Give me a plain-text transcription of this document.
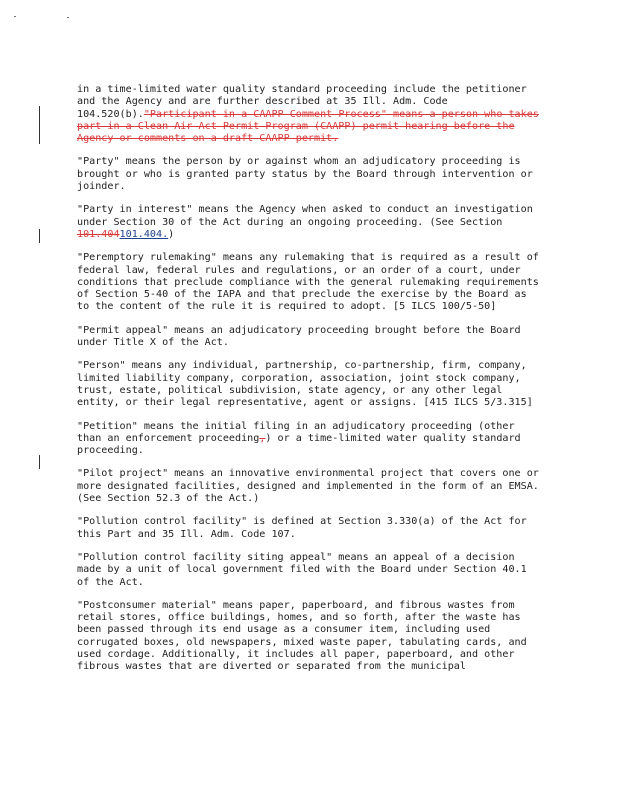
in a time-limited water quality standard proceeding include the petitioner and the Agency and are further described at 35 Ill. Adm. Code 104.520(b)."Participant in a CAAPP Comment Process" means a person who takes part in a Clean Air Act Permit Program (CAAPP) permit hearing before the Agency or comments on a draft CAAPP permit.

"Party" means the person by or against whom an adjudicatory proceeding is brought or who is granted party status by the Board through intervention or joinder.

"Party in interest" means the Agency when asked to conduct an investigation under Section 30 of the Act during an ongoing proceeding. (See Section 101.404101.404.)

"Peremptory rulemaking" means any rulemaking that is required as a result of federal law, federal rules and regulations, or an order of a court, under conditions that preclude compliance with the general rulemaking requirements of Section 5-40 of the IAPA and that preclude the exercise by the Board as to the content of the rule it is required to adopt. [5 ILCS 100/5-50]

"Permit appeal" means an adjudicatory proceeding brought before the Board under Title X of the Act.

"Person" means any individual, partnership, co-partnership, firm, company, limited liability company, corporation, association, joint stock company, trust, estate, political subdivision, state agency, or any other legal entity, or their legal representative, agent or assigns. [415 ILCS 5/3.315]

"Petition" means the initial filing in an adjudicatory proceeding (other than an enforcement proceeding,) or a time-limited water quality standard proceeding.

"Pilot project" means an innovative environmental project that covers one or more designated facilities, designed and implemented in the form of an EMSA. (See Section 52.3 of the Act.)

"Pollution control facility" is defined at Section 3.330(a) of the Act for this Part and 35 Ill. Adm. Code 107.

"Pollution control facility siting appeal" means an appeal of a decision made by a unit of local government filed with the Board under Section 40.1 of the Act.

"Postconsumer material" means paper, paperboard, and fibrous wastes from retail stores, office buildings, homes, and so forth, after the waste has been passed through its end usage as a consumer item, including used corrugated boxes, old newspapers, mixed waste paper, tabulating cards, and used cordage. Additionally, it includes all paper, paperboard, and other fibrous wastes that are diverted or separated from the municipal
